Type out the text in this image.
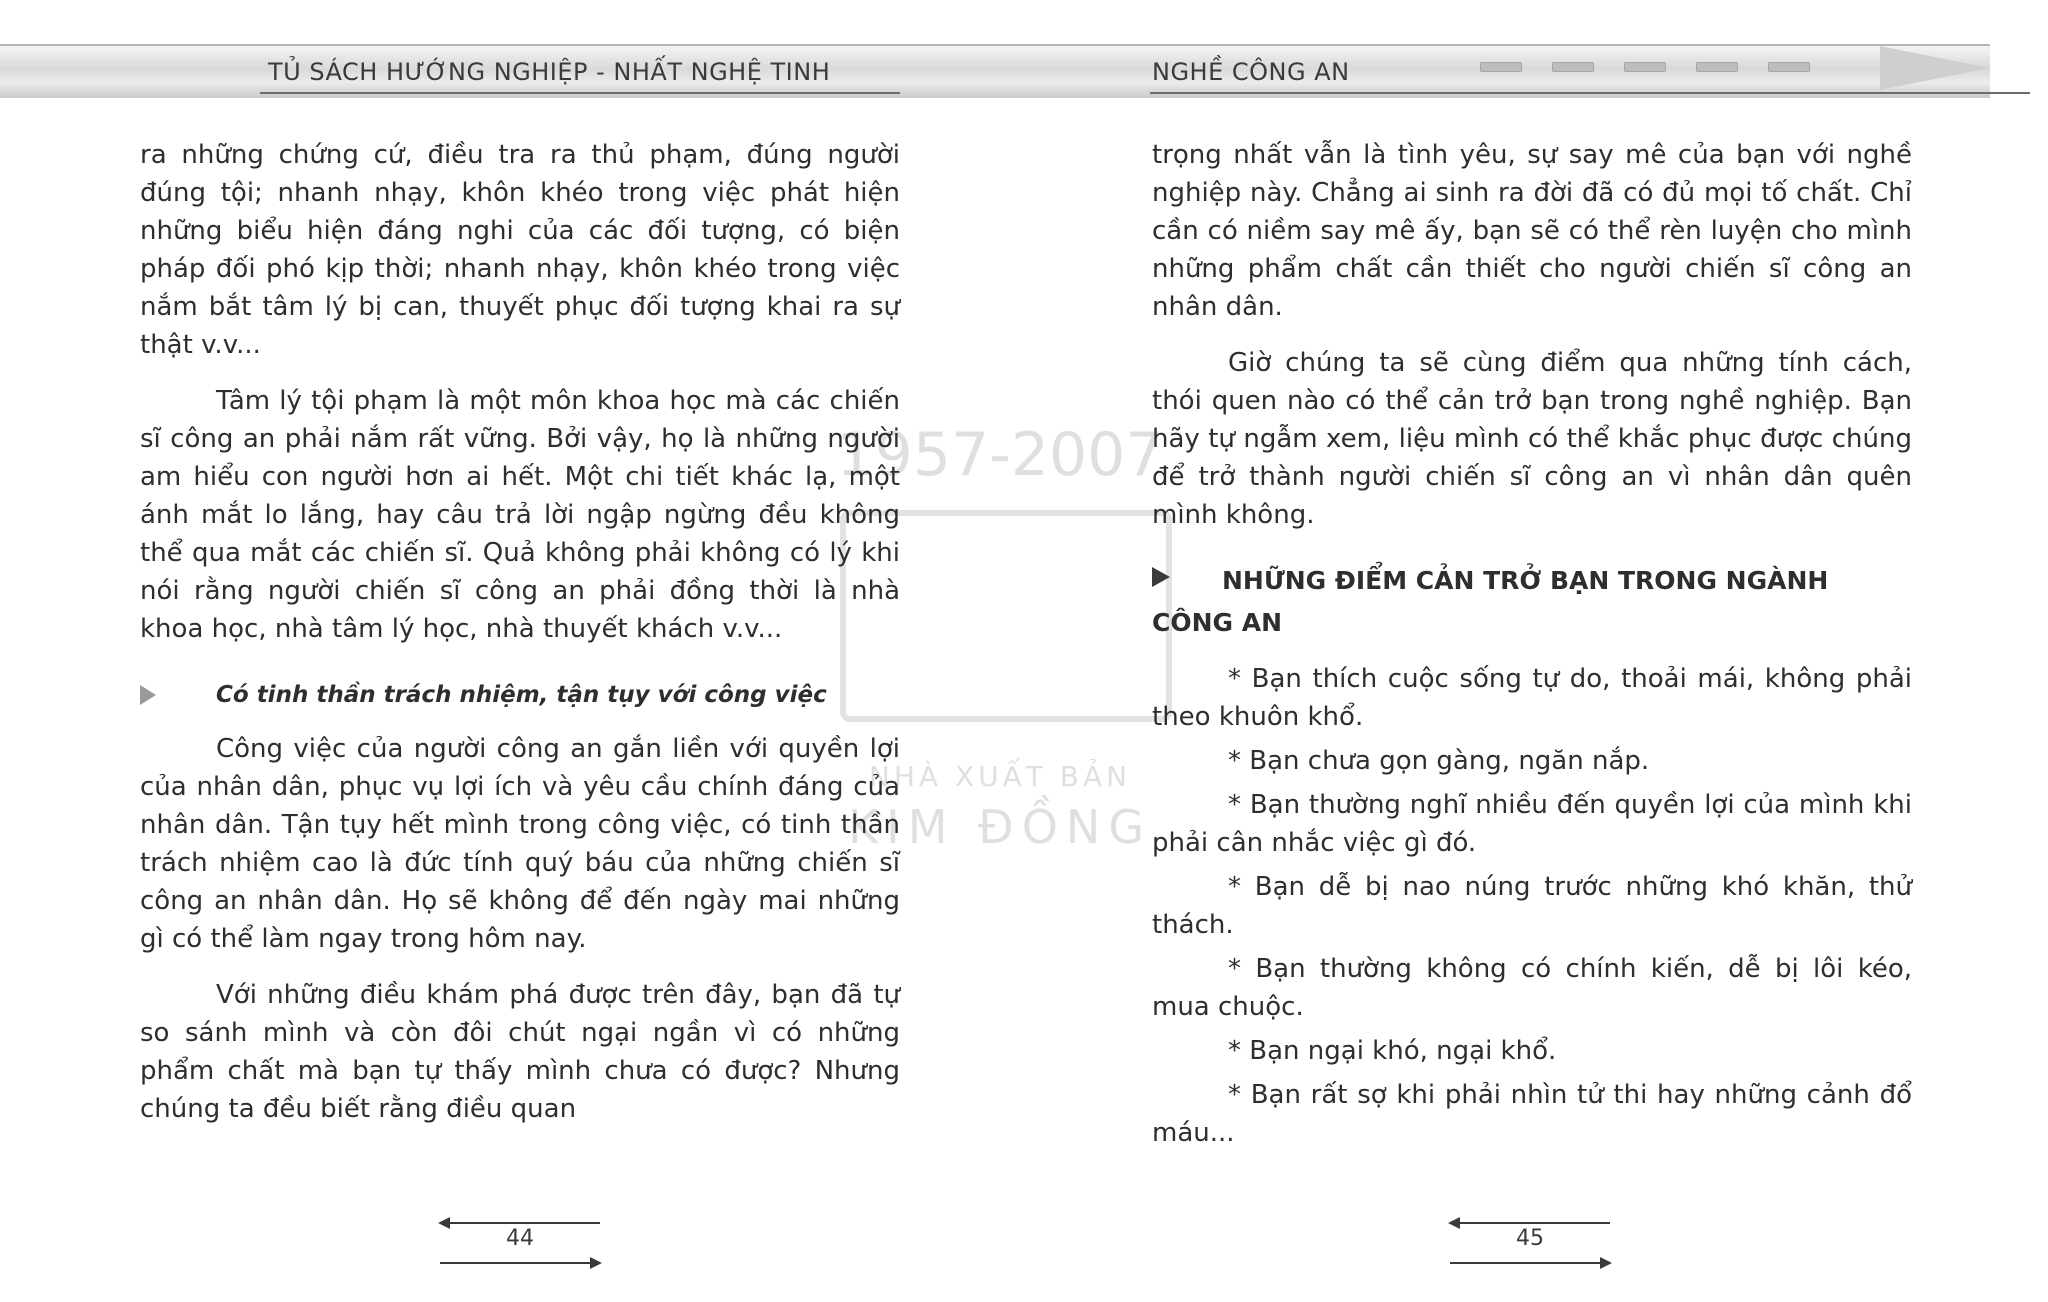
TỦ SÁCH HƯỚNG NGHIỆP - NHẤT NGHỆ TINH	NGHỀ CÔNG AN
1957-2007
NHÀ XUẤT BẢN
KIM ĐỒNG

ra những chứng cứ, điều tra ra thủ phạm, đúng người đúng tội; nhanh nhạy, khôn khéo trong việc phát hiện những biểu hiện đáng nghi của các đối tượng, có biện pháp đối phó kịp thời; nhanh nhạy, khôn khéo trong việc nắm bắt tâm lý bị can, thuyết phục đối tượng khai ra sự thật v.v...

Tâm lý tội phạm là một môn khoa học mà các chiến sĩ công an phải nắm rất vững. Bởi vậy, họ là những người am hiểu con người hơn ai hết. Một chi tiết khác lạ, một ánh mắt lo lắng, hay câu trả lời ngập ngừng đều không thể qua mắt các chiến sĩ. Quả không phải không có lý khi nói rằng người chiến sĩ công an phải đồng thời là nhà khoa học, nhà tâm lý học, nhà thuyết khách v.v...

Có tinh thần trách nhiệm, tận tụy với công việc

Công việc của người công an gắn liền với quyền lợi của nhân dân, phục vụ lợi ích và yêu cầu chính đáng của nhân dân. Tận tụy hết mình trong công việc, có tinh thần trách nhiệm cao là đức tính quý báu của những chiến sĩ công an nhân dân. Họ sẽ không để đến ngày mai những gì có thể làm ngay trong hôm nay.

Với những điều khám phá được trên đây, bạn đã tự so sánh mình và còn đôi chút ngại ngần vì có những phẩm chất mà bạn tự thấy mình chưa có được? Nhưng chúng ta đều biết rằng điều quan

trọng nhất vẫn là tình yêu, sự say mê của bạn với nghề nghiệp này. Chẳng ai sinh ra đời đã có đủ mọi tố chất. Chỉ cần có niềm say mê ấy, bạn sẽ có thể rèn luyện cho mình những phẩm chất cần thiết cho người chiến sĩ công an nhân dân.

Giờ chúng ta sẽ cùng điểm qua những tính cách, thói quen nào có thể cản trở bạn trong nghề nghiệp. Bạn hãy tự ngẫm xem, liệu mình có thể khắc phục được chúng để trở thành người chiến sĩ công an vì nhân dân quên mình không.

NHỮNG ĐIỂM CẢN TRỞ BẠN TRONG NGÀNH CÔNG AN

* Bạn thích cuộc sống tự do, thoải mái, không phải theo khuôn khổ.

* Bạn chưa gọn gàng, ngăn nắp.

* Bạn thường nghĩ nhiều đến quyền lợi của mình khi phải cân nhắc việc gì đó.

* Bạn dễ bị nao núng trước những khó khăn, thử thách.

* Bạn thường không có chính kiến, dễ bị lôi kéo, mua chuộc.

* Bạn ngại khó, ngại khổ.

* Bạn rất sợ khi phải nhìn tử thi hay những cảnh đổ máu...

44	45
